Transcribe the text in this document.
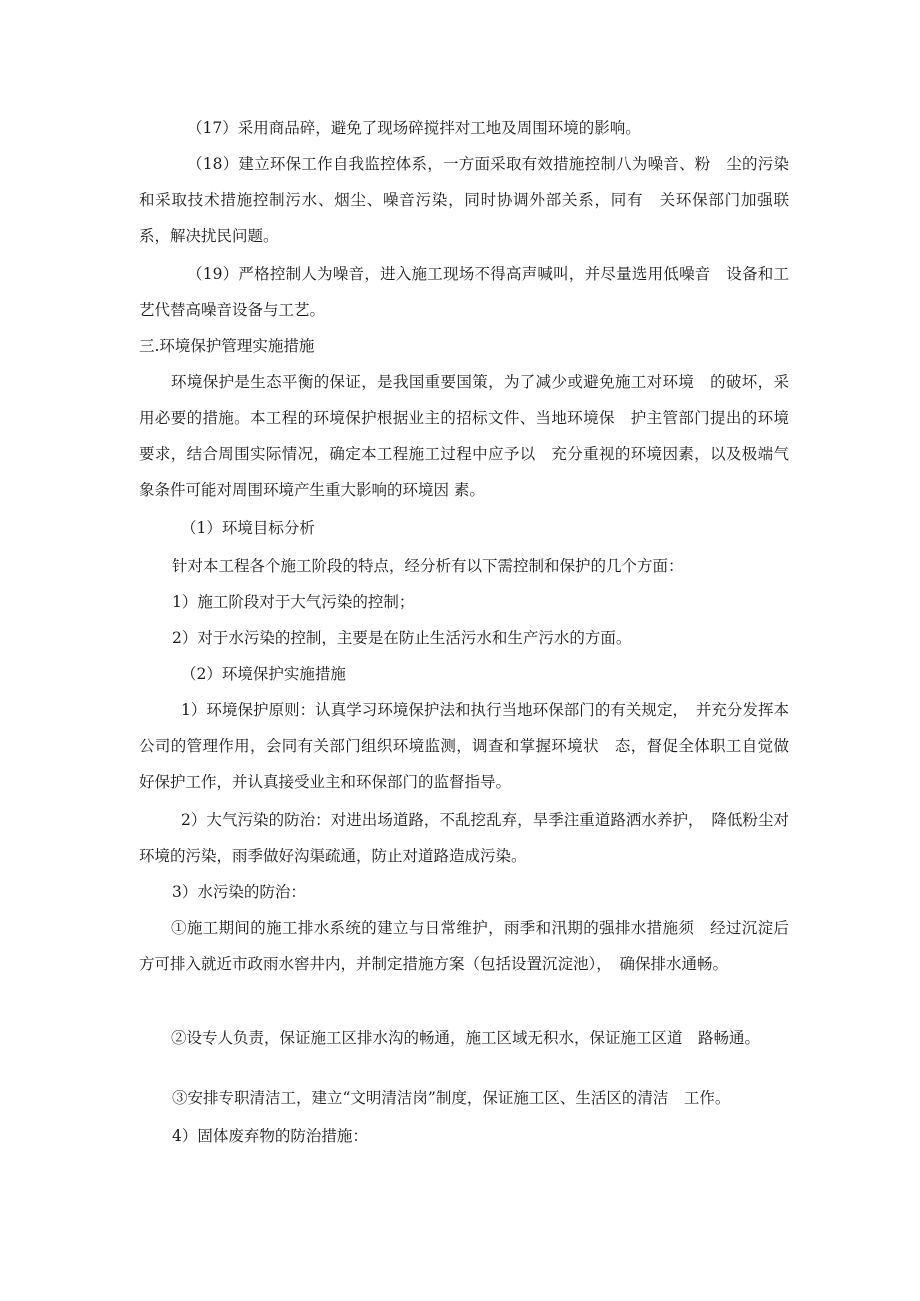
（17）采用商品碎，避免了现场碎搅拌对工地及周围环境的影响。

（18）建立环保工作自我监控体系，一方面采取有效措施控制八为噪音、粉　尘的污染和采取技术措施控制污水、烟尘、噪音污染，同时协调外部关系，同有　关环保部门加强联系，解决扰民问题。

（19）严格控制人为噪音，进入施工现场不得高声喊叫，并尽量选用低噪音　设备和工艺代替高噪音设备与工艺。

三.环境保护管理实施措施

环境保护是生态平衡的保证，是我国重要国策，为了减少或避免施工对环境　的破坏，采用必要的措施。本工程的环境保护根据业主的招标文件、当地环境保　护主管部门提出的环境要求，结合周围实际情况，确定本工程施工过程中应予以　充分重视的环境因素，以及极端气象条件可能对周围环境产生重大影响的环境因 素。

（1）环境目标分析

针对本工程各个施工阶段的特点，经分析有以下需控制和保护的几个方面：

1）施工阶段对于大气污染的控制；

2）对于水污染的控制，主要是在防止生活污水和生产污水的方面。

（2）环境保护实施措施

1）环境保护原则：认真学习环境保护法和执行当地环保部门的有关规定，　并充分发挥本公司的管理作用，会同有关部门组织环境监测，调查和掌握环境状　态，督促全体职工自觉做好保护工作，并认真接受业主和环保部门的监督指导。

2）大气污染的防治：对进出场道路，不乱挖乱弃，旱季注重道路洒水养护，　降低粉尘对环境的污染，雨季做好沟渠疏通，防止对道路造成污染。

3）水污染的防治：

①施工期间的施工排水系统的建立与日常维护，雨季和汛期的强排水措施须　经过沉淀后方可排入就近市政雨水窖井内，并制定措施方案（包括设置沉淀池），　确保排水通畅。

②设专人负责，保证施工区排水沟的畅通，施工区域无积水，保证施工区道　路畅通。

③安排专职清洁工，建立“文明清洁岗”制度，保证施工区、生活区的清洁　工作。

4）固体废弃物的防治措施：
